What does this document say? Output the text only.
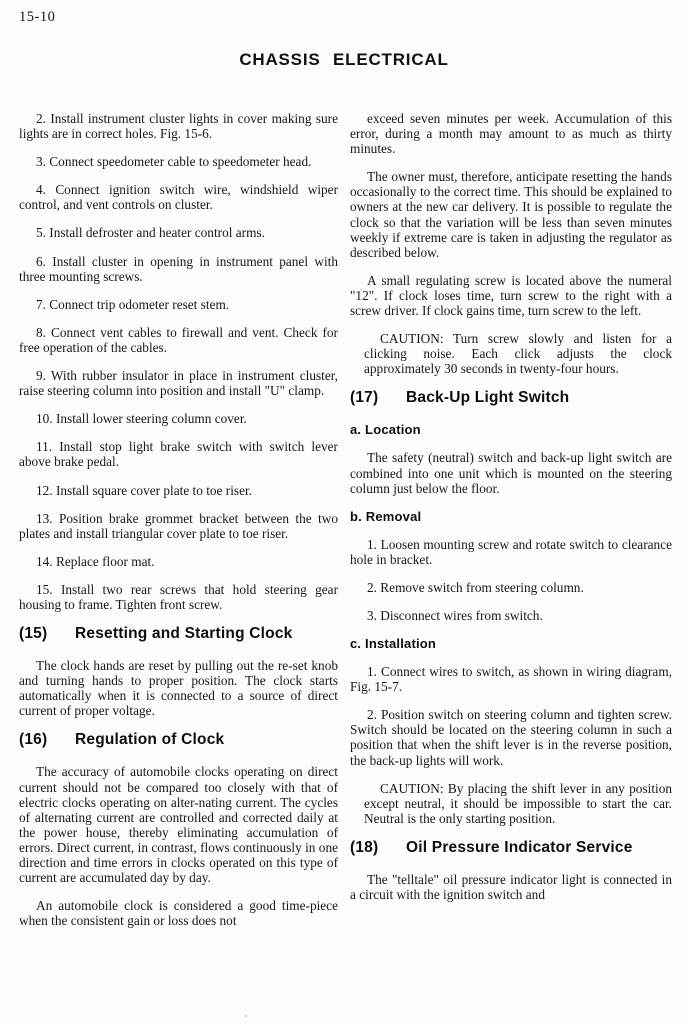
15-10
CHASSIS ELECTRICAL

2. Install instrument cluster lights in cover making sure lights are in correct holes. Fig. 15-6.

3. Connect speedometer cable to speedometer head.

4. Connect ignition switch wire, windshield wiper control, and vent controls on cluster.

5. Install defroster and heater control arms.

6. Install cluster in opening in instrument panel with three mounting screws.

7. Connect trip odometer reset stem.

8. Connect vent cables to firewall and vent. Check for free operation of the cables.

9. With rubber insulator in place in instrument cluster, raise steering column into position and install "U" clamp.

10. Install lower steering column cover.

11. Install stop light brake switch with switch lever above brake pedal.

12. Install square cover plate to toe riser.

13. Position brake grommet bracket between the two plates and install triangular cover plate to toe riser.

14. Replace floor mat.

15. Install two rear screws that hold steering gear housing to frame. Tighten front screw.

(15)	Resetting and Starting Clock

The clock hands are reset by pulling out the re-set knob and turning hands to proper position. The clock starts automatically when it is connected to a source of direct current of proper voltage.

(16)	Regulation of Clock

The accuracy of automobile clocks operating on direct current should not be compared too closely with that of electric clocks operating on alter-nating current. The cycles of alternating current are controlled and corrected daily at the power house, thereby eliminating accumulation of errors. Direct current, in contrast, flows continuously in one direction and time errors in clocks operated on this type of current are accumulated day by day.

An automobile clock is considered a good time-piece when the consistent gain or loss does not

exceed seven minutes per week. Accumulation of this error, during a month may amount to as much as thirty minutes.

The owner must, therefore, anticipate resetting the hands occasionally to the correct time. This should be explained to owners at the new car delivery. It is possible to regulate the clock so that the variation will be less than seven minutes weekly if extreme care is taken in adjusting the regulator as described below.

A small regulating screw is located above the numeral "12". If clock loses time, turn screw to the right with a screw driver. If clock gains time, turn screw to the left.

CAUTION: Turn screw slowly and listen for a clicking noise. Each click adjusts the clock approximately 30 seconds in twenty-four hours.

(17)	Back-Up Light Switch
a. Location

The safety (neutral) switch and back-up light switch are combined into one unit which is mounted on the steering column just below the floor.

b. Removal

1. Loosen mounting screw and rotate switch to clearance hole in bracket.

2. Remove switch from steering column.

3. Disconnect wires from switch.

c. Installation

1. Connect wires to switch, as shown in wiring diagram, Fig. 15-7.

2. Position switch on steering column and tighten screw. Switch should be located on the steering column in such a position that when the shift lever is in the reverse position, the back-up lights will work.

CAUTION: By placing the shift lever in any position except neutral, it should be impossible to start the car. Neutral is the only starting position.

(18)	Oil Pressure Indicator Service

The "telltale" oil pressure indicator light is connected in a circuit with the ignition switch and
